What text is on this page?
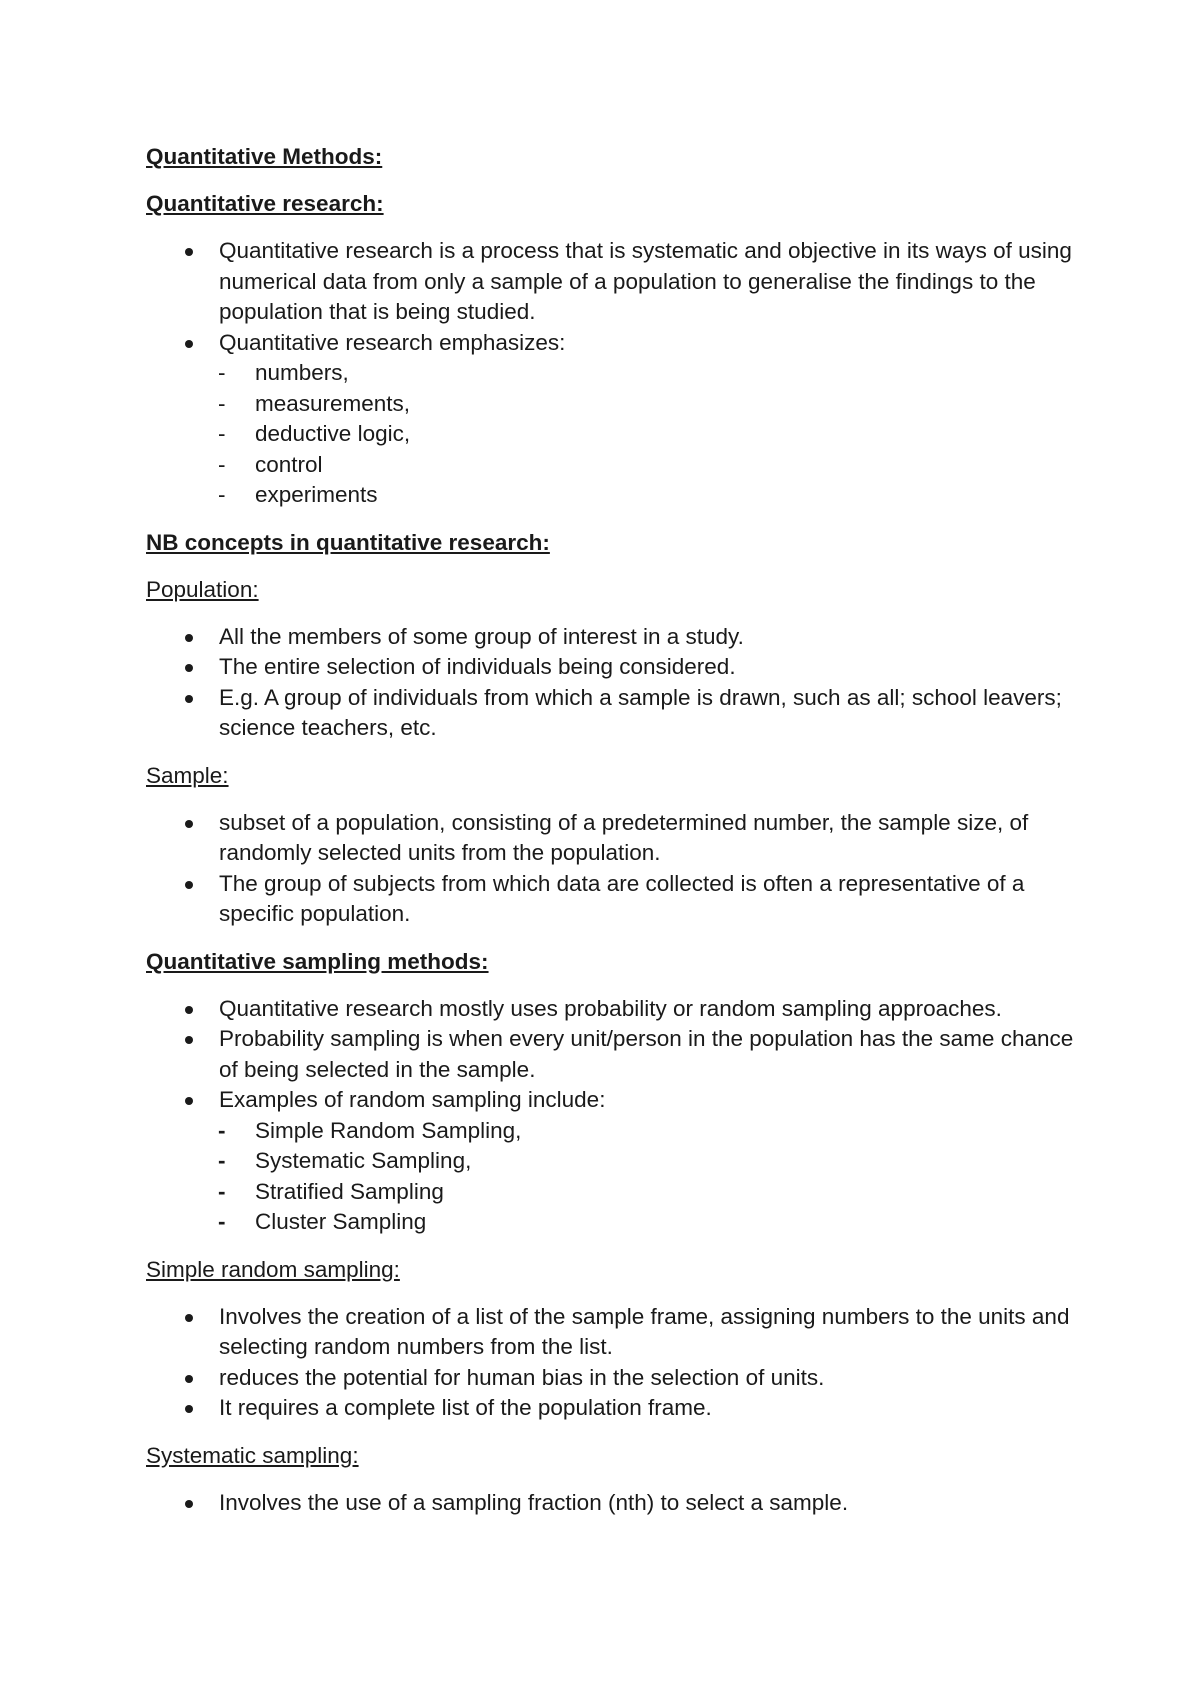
Quantitative Methods:

Quantitative research:

Quantitative research is a process that is systematic and objective in its ways of using numerical data from only a sample of a population to generalise the findings to the population that is being studied.
Quantitative research emphasizes:
- numbers,
- measurements,
- deductive logic,
- control
- experiments

NB concepts in quantitative research:

Population:

All the members of some group of interest in a study.
The entire selection of individuals being considered.
E.g. A group of individuals from which a sample is drawn, such as all; school leavers; science teachers, etc.

Sample:

subset of a population, consisting of a predetermined number, the sample size, of randomly selected units from the population.
The group of subjects from which data are collected is often a representative of a specific population.

Quantitative sampling methods:

Quantitative research mostly uses probability or random sampling approaches.
Probability sampling is when every unit/person in the population has the same chance of being selected in the sample.
Examples of random sampling include:
- Simple Random Sampling,
- Systematic Sampling,
- Stratified Sampling
- Cluster Sampling

Simple random sampling:

Involves the creation of a list of the sample frame, assigning numbers to the units and selecting random numbers from the list.
reduces the potential for human bias in the selection of units.
It requires a complete list of the population frame.

Systematic sampling:

Involves the use of a sampling fraction (nth) to select a sample.
